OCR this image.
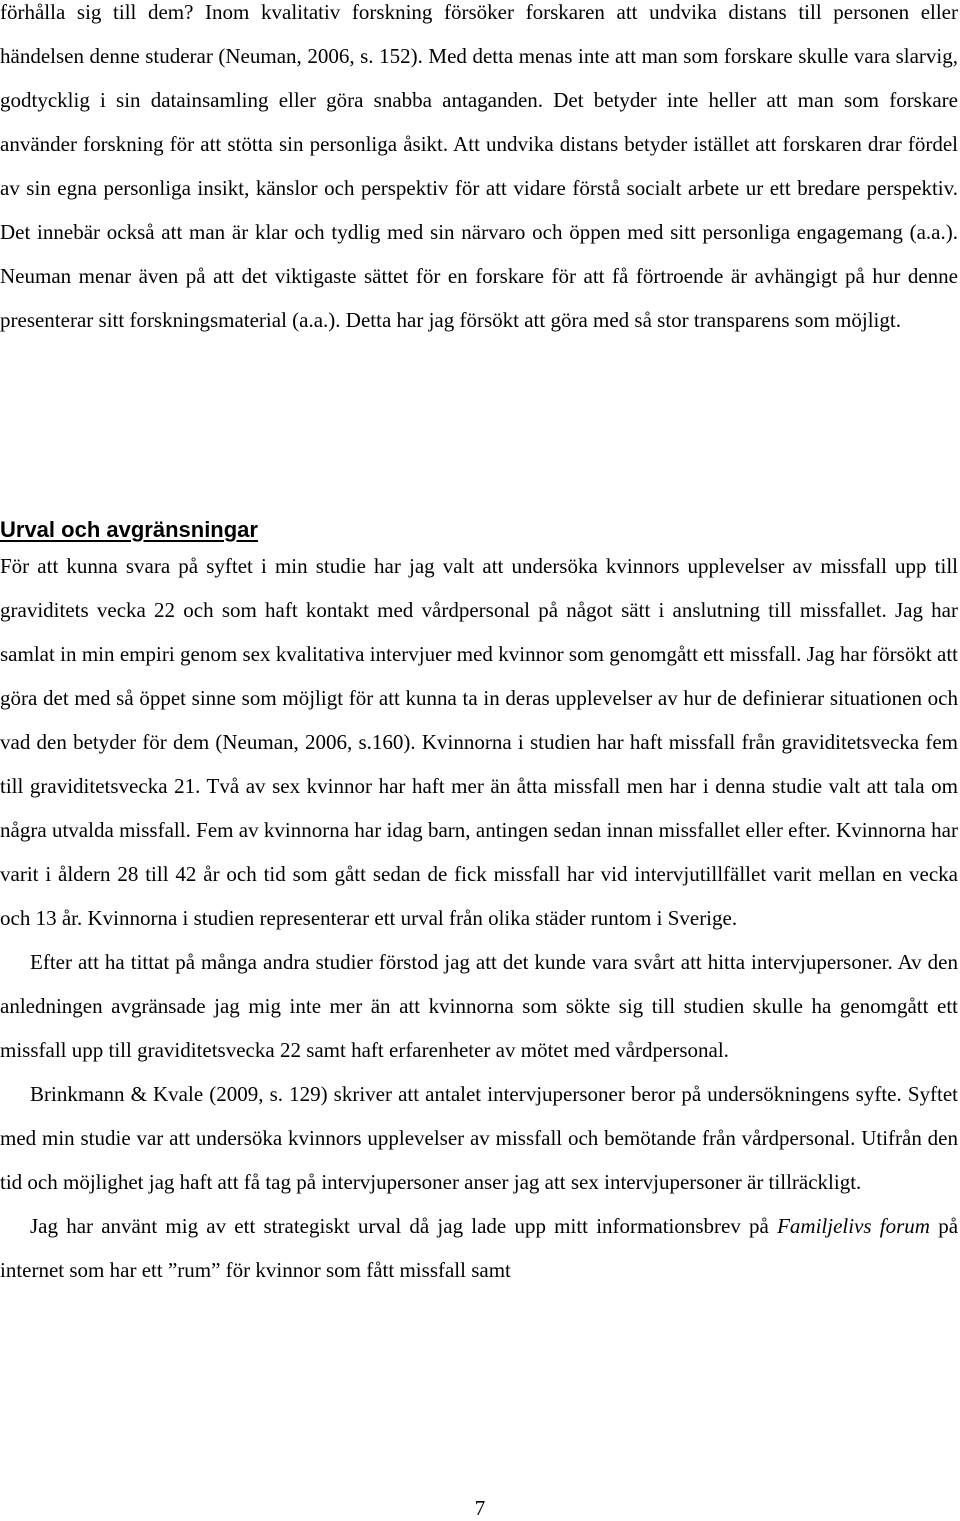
förhålla sig till dem? Inom kvalitativ forskning försöker forskaren att undvika distans till personen eller händelsen denne studerar (Neuman, 2006, s. 152). Med detta menas inte att man som forskare skulle vara slarvig, godtycklig i sin datainsamling eller göra snabba antaganden. Det betyder inte heller att man som forskare använder forskning för att stötta sin personliga åsikt. Att undvika distans betyder istället att forskaren drar fördel av sin egna personliga insikt, känslor och perspektiv för att vidare förstå socialt arbete ur ett bredare perspektiv. Det innebär också att man är klar och tydlig med sin närvaro och öppen med sitt personliga engagemang (a.a.). Neuman menar även på att det viktigaste sättet för en forskare för att få förtroende är avhängigt på hur denne presenterar sitt forskningsmaterial (a.a.). Detta har jag försökt att göra med så stor transparens som möjligt.

Urval och avgränsningar

För att kunna svara på syftet i min studie har jag valt att undersöka kvinnors upplevelser av missfall upp till graviditets vecka 22 och som haft kontakt med vårdpersonal på något sätt i anslutning till missfallet. Jag har samlat in min empiri genom sex kvalitativa intervjuer med kvinnor som genomgått ett missfall. Jag har försökt att göra det med så öppet sinne som möjligt för att kunna ta in deras upplevelser av hur de definierar situationen och vad den betyder för dem (Neuman, 2006, s.160). Kvinnorna i studien har haft missfall från graviditetsvecka fem till graviditetsvecka 21. Två av sex kvinnor har haft mer än åtta missfall men har i denna studie valt att tala om några utvalda missfall. Fem av kvinnorna har idag barn, antingen sedan innan missfallet eller efter. Kvinnorna har varit i åldern 28 till 42 år och tid som gått sedan de fick missfall har vid intervjutillfället varit mellan en vecka och 13 år. Kvinnorna i studien representerar ett urval från olika städer runtom i Sverige.

Efter att ha tittat på många andra studier förstod jag att det kunde vara svårt att hitta intervjupersoner. Av den anledningen avgränsade jag mig inte mer än att kvinnorna som sökte sig till studien skulle ha genomgått ett missfall upp till graviditetsvecka 22 samt haft erfarenheter av mötet med vårdpersonal.

Brinkmann & Kvale (2009, s. 129) skriver att antalet intervjupersoner beror på undersökningens syfte. Syftet med min studie var att undersöka kvinnors upplevelser av missfall och bemötande från vårdpersonal. Utifrån den tid och möjlighet jag haft att få tag på intervjupersoner anser jag att sex intervjupersoner är tillräckligt.

Jag har använt mig av ett strategiskt urval då jag lade upp mitt informationsbrev på Familjelivs forum på internet som har ett ”rum” för kvinnor som fått missfall samt

7
